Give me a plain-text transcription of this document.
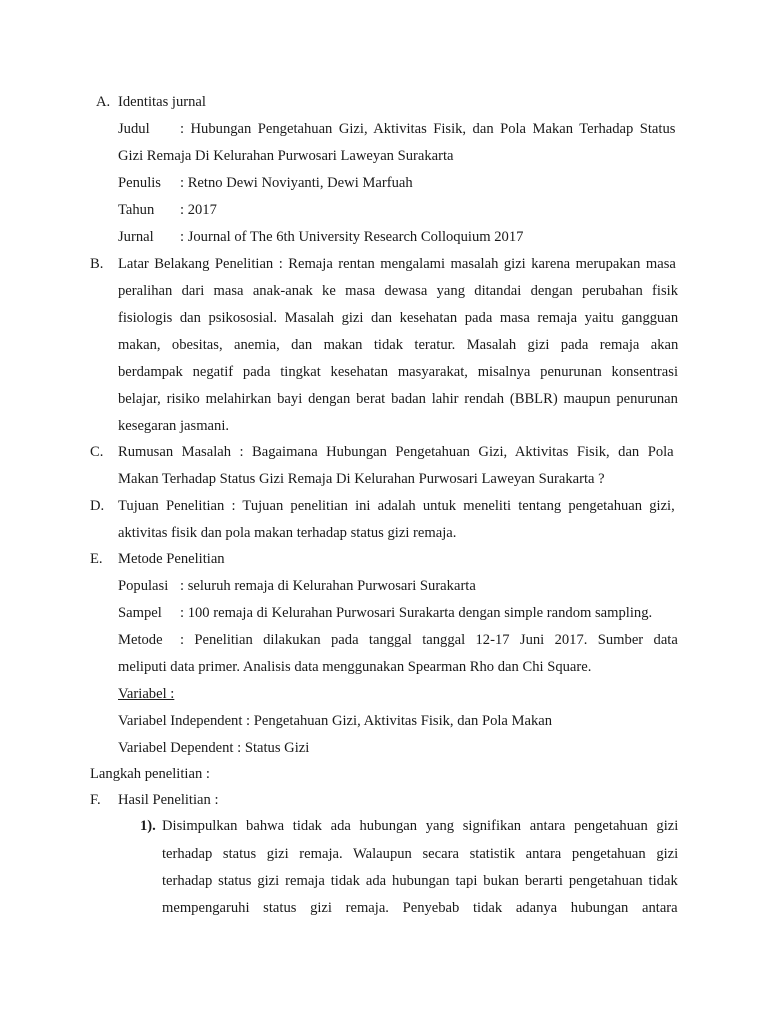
A. Identitas jurnal
Judul : Hubungan Pengetahuan Gizi, Aktivitas Fisik, dan Pola Makan Terhadap Status
Gizi Remaja Di Kelurahan Purwosari Laweyan Surakarta
Penulis : Retno Dewi Noviyanti, Dewi Marfuah
Tahun : 2017
Jurnal : Journal of The 6th University Research Colloquium 2017
B. Latar Belakang Penelitian : Remaja rentan mengalami masalah gizi karena merupakan masa
peralihan dari masa anak-anak ke masa dewasa yang ditandai dengan perubahan fisik
fisiologis dan psikososial. Masalah gizi dan kesehatan pada masa remaja yaitu gangguan
makan, obesitas, anemia, dan makan tidak teratur. Masalah gizi pada remaja akan
berdampak negatif pada tingkat kesehatan masyarakat, misalnya penurunan konsentrasi
belajar, risiko melahirkan bayi dengan berat badan lahir rendah (BBLR) maupun penurunan
kesegaran jasmani.
C. Rumusan Masalah : Bagaimana Hubungan Pengetahuan Gizi, Aktivitas Fisik, dan Pola
Makan Terhadap Status Gizi Remaja Di Kelurahan Purwosari Laweyan Surakarta ?
D. Tujuan Penelitian : Tujuan penelitian ini adalah untuk meneliti tentang pengetahuan gizi,
aktivitas fisik dan pola makan terhadap status gizi remaja.
E. Metode Penelitian
Populasi : seluruh remaja di Kelurahan Purwosari Surakarta
Sampel : 100 remaja di Kelurahan Purwosari Surakarta dengan simple random sampling.
Metode : Penelitian dilakukan pada tanggal tanggal 12-17 Juni 2017. Sumber data
meliputi data primer. Analisis data menggunakan Spearman Rho dan Chi Square.
Variabel :
Variabel Independent : Pengetahuan Gizi, Aktivitas Fisik, dan Pola Makan
Variabel Dependent : Status Gizi
Langkah penelitian :
F. Hasil Penelitian :
1). Disimpulkan bahwa tidak ada hubungan yang signifikan antara pengetahuan gizi
terhadap status gizi remaja. Walaupun secara statistik antara pengetahuan gizi
terhadap status gizi remaja tidak ada hubungan tapi bukan berarti pengetahuan tidak
mempengaruhi status gizi remaja. Penyebab tidak adanya hubungan antara
